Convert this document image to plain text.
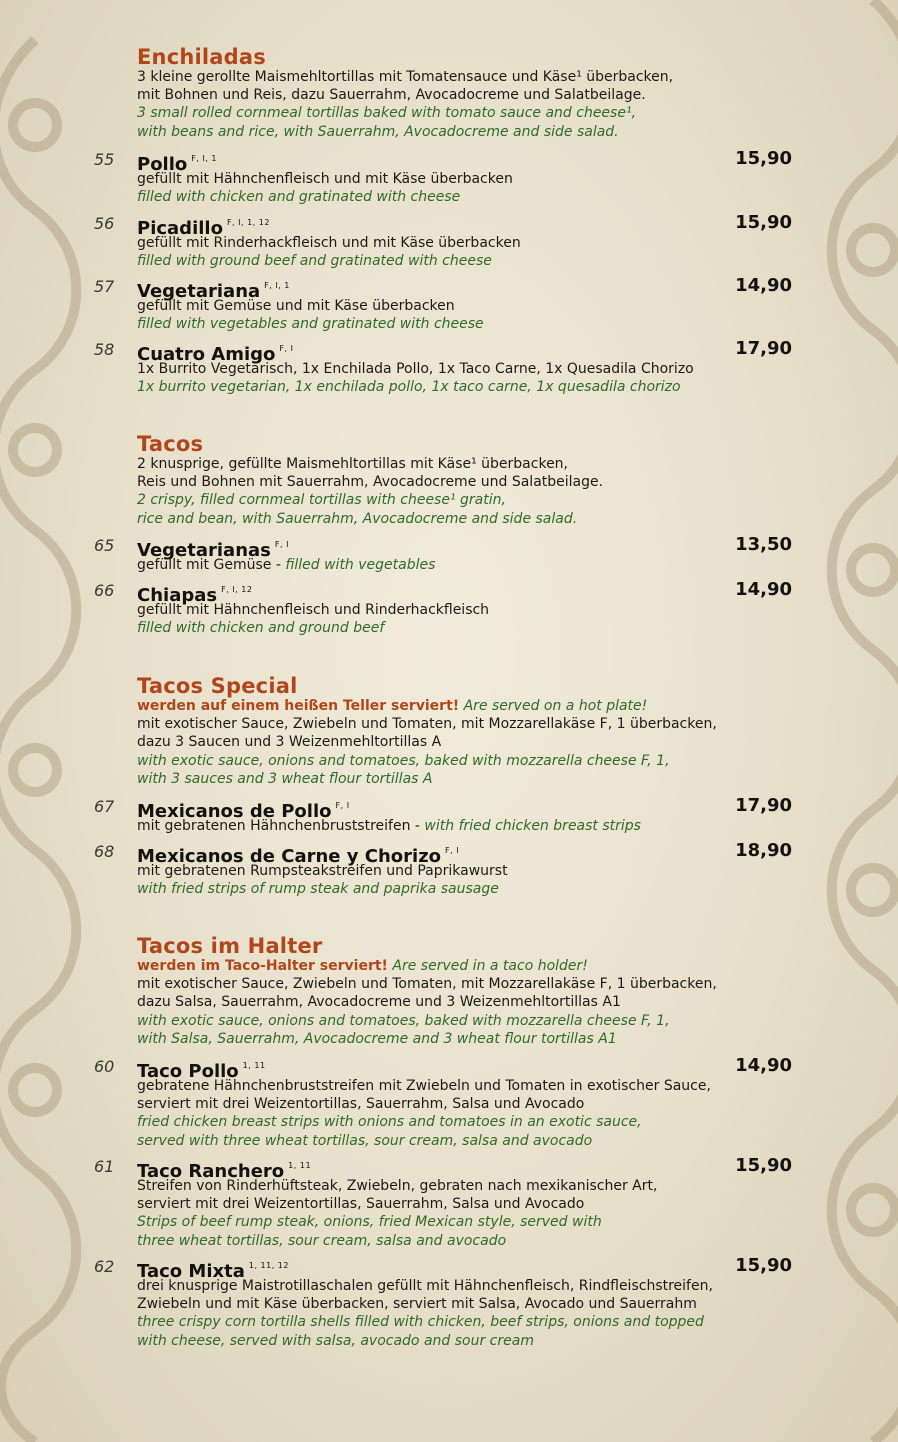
Enchiladas
3 kleine gerollte Maismehltortillas mit Tomatensauce und Käse¹ überbacken,
mit Bohnen und Reis, dazu Sauerrahm, Avocadocreme und Salatbeilage.
3 small rolled cornmeal tortillas baked with tomato sauce and cheese¹,
with beans and rice, with Sauerrahm, Avocadocreme and side salad.
55 Pollo $^{F, I, 1}$	15,90
gefüllt mit Hähnchenfleisch und mit Käse überbacken
filled with chicken and gratinated with cheese
56 Picadillo $^{F, I, 1, 12}$	15,90
gefüllt mit Rinderhackfleisch und mit Käse überbacken
filled with ground beef and gratinated with cheese
57 Vegetariana $^{F, I, 1}$	14,90
gefüllt mit Gemüse und mit Käse überbacken
filled with vegetables and gratinated with cheese
58 Cuatro Amigo $^{F, I}$	17,90
1x Burrito Vegetarisch, 1x Enchilada Pollo, 1x Taco Carne, 1x Quesadila Chorizo
1x burrito vegetarian, 1x enchilada pollo, 1x taco carne, 1x quesadila chorizo
Tacos
2 knusprige, gefüllte Maismehltortillas mit Käse¹ überbacken,
Reis und Bohnen mit Sauerrahm, Avocadocreme und Salatbeilage.
2 crispy, filled cornmeal tortillas with cheese¹ gratin,
rice and bean, with Sauerrahm, Avocadocreme and side salad.
65 Vegetarianas $^{F, I}$	13,50
gefüllt mit Gemüse - filled with vegetables
66 Chiapas $^{F, I, 12}$	14,90
gefüllt mit Hähnchenfleisch und Rinderhackfleisch
filled with chicken and ground beef
Tacos Special
werden auf einem heißen Teller serviert! Are served on a hot plate!
mit exotischer Sauce, Zwiebeln und Tomaten, mit Mozzarellakäse F, 1 überbacken,
dazu 3 Saucen und 3 Weizenmehltortillas A
with exotic sauce, onions and tomatoes, baked with mozzarella cheese F, 1,
with 3 sauces and 3 wheat flour tortillas A
67 Mexicanos de Pollo $^{F, I}$	17,90
mit gebratenen Hähnchenbruststreifen - with fried chicken breast strips
68 Mexicanos de Carne y Chorizo $^{F, I}$	18,90
mit gebratenen Rumpsteakstreifen und Paprikawurst
with fried strips of rump steak and paprika sausage
Tacos im Halter
werden im Taco-Halter serviert! Are served in a taco holder!
mit exotischer Sauce, Zwiebeln und Tomaten, mit Mozzarellakäse F, 1 überbacken,
dazu Salsa, Sauerrahm, Avocadocreme und 3 Weizenmehltortillas A1
with exotic sauce, onions and tomatoes, baked with mozzarella cheese F, 1,
with Salsa, Sauerrahm, Avocadocreme and 3 wheat flour tortillas A1
60 Taco Pollo $^{1, 11}$	14,90
gebratene Hähnchenbruststreifen mit Zwiebeln und Tomaten in exotischer Sauce,
serviert mit drei Weizentortillas, Sauerrahm, Salsa und Avocado
fried chicken breast strips with onions and tomatoes in an exotic sauce,
served with three wheat tortillas, sour cream, salsa and avocado
61 Taco Ranchero $^{1, 11}$	15,90
Streifen von Rinderhüftsteak, Zwiebeln, gebraten nach mexikanischer Art,
serviert mit drei Weizentortillas, Sauerrahm, Salsa und Avocado
Strips of beef rump steak, onions, fried Mexican style, served with
three wheat tortillas, sour cream, salsa and avocado
62 Taco Mixta $^{1, 11, 12}$	15,90
drei knusprige Maistrotillaschalen gefüllt mit Hähnchenfleisch, Rindfleischstreifen,
Zwiebeln und mit Käse überbacken, serviert mit Salsa, Avocado und Sauerrahm
three crispy corn tortilla shells filled with chicken, beef strips, onions and topped
with cheese, served with salsa, avocado and sour cream
